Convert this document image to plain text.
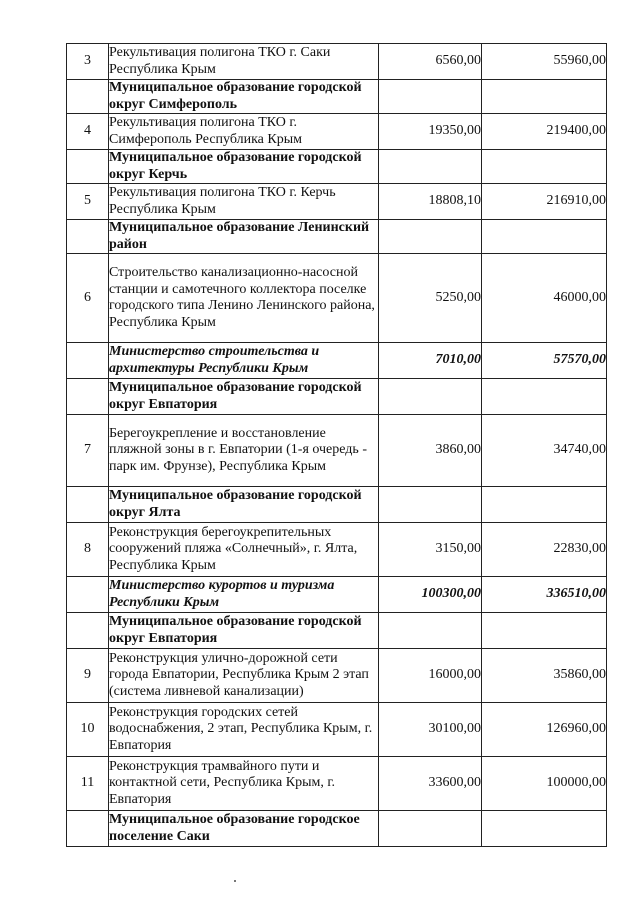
3	Рекультивация полигона ТКО г. Саки Республика Крым	6560,00	55960,00
	Муниципальное образование городской округ Симферополь		
4	Рекультивация полигона ТКО г. Симферополь Республика Крым	19350,00	219400,00
	Муниципальное образование городской округ Керчь		
5	Рекультивация полигона ТКО г. Керчь Республика Крым	18808,10	216910,00
	Муниципальное образование Ленинский район		
6	Строительство канализационно-насосной станции и самотечного коллектора поселке городского типа Ленино Ленинского района, Республика Крым	5250,00	46000,00
	Министерство строительства и архитектуры Республики Крым	7010,00	57570,00
	Муниципальное образование городской округ Евпатория		
7	Берегоукрепление и восстановление пляжной зоны в г. Евпатории (1-я очередь - парк им. Фрунзе), Республика Крым	3860,00	34740,00
	Муниципальное образование городской округ Ялта		
8	Реконструкция берегоукрепительных сооружений пляжа «Солнечный», г. Ялта, Республика Крым	3150,00	22830,00
	Министерство курортов и туризма Республики Крым	100300,00	336510,00
	Муниципальное образование городской округ Евпатория		
9	Реконструкция улично-дорожной сети города Евпатории, Республика Крым 2 этап (система ливневой канализации)	16000,00	35860,00
10	Реконструкция городских сетей водоснабжения, 2 этап, Республика Крым, г. Евпатория	30100,00	126960,00
11	Реконструкция трамвайного пути и контактной сети, Республика Крым, г. Евпатория	33600,00	100000,00
	Муниципальное образование городское поселение Саки		
